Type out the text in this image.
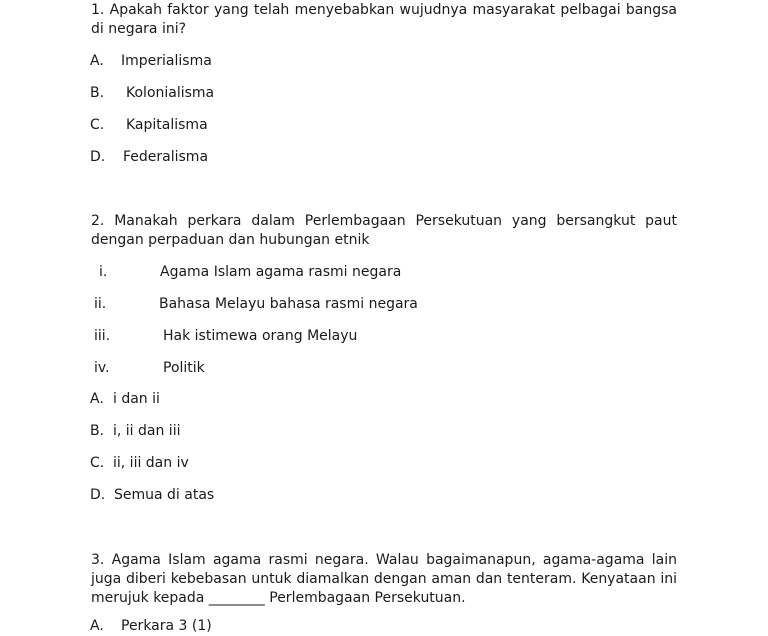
1. Apakah faktor yang telah menyebabkan wujudnya masyarakat pelbagai bangsa di negara ini?
A. Imperialisma
B. Kolonialisma
C. Kapitalisma
D. Federalisma
2. Manakah perkara dalam Perlembagaan Persekutuan yang bersangkut paut dengan perpaduan dan hubungan etnik
i.	Agama Islam agama rasmi negara
ii.	Bahasa Melayu bahasa rasmi negara
iii.	Hak istimewa orang Melayu
iv.	Politik
A. i dan ii
B. i, ii dan iii
C. ii, iii dan iv
D. Semua di atas
3. Agama Islam agama rasmi negara. Walau bagaimanapun, agama-agama lain juga diberi kebebasan untuk diamalkan dengan aman dan tenteram. Kenyataan ini merujuk kepada ________ Perlembagaan Persekutuan.
A. Perkara 3 (1)
